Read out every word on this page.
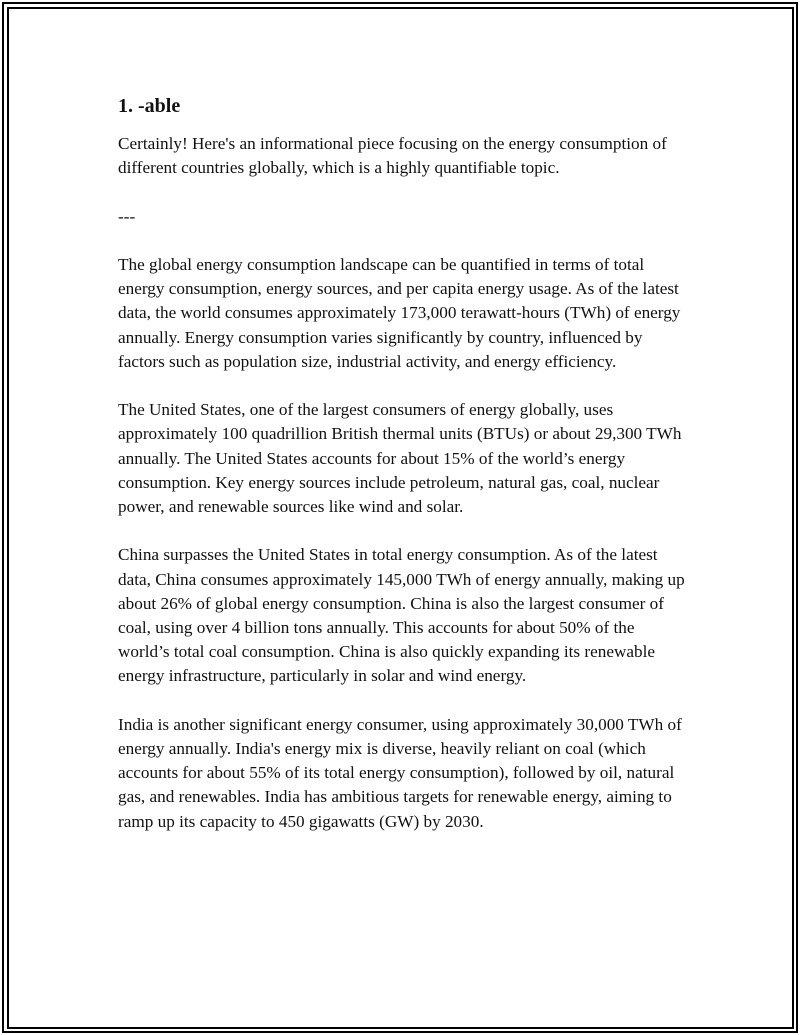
1. -able

Certainly! Here's an informational piece focusing on the energy consumption of different countries globally, which is a highly quantifiable topic.

---

The global energy consumption landscape can be quantified in terms of total energy consumption, energy sources, and per capita energy usage. As of the latest data, the world consumes approximately 173,000 terawatt-hours (TWh) of energy annually. Energy consumption varies significantly by country, influenced by factors such as population size, industrial activity, and energy efficiency.

The United States, one of the largest consumers of energy globally, uses approximately 100 quadrillion British thermal units (BTUs) or about 29,300 TWh annually. The United States accounts for about 15% of the world’s energy consumption. Key energy sources include petroleum, natural gas, coal, nuclear power, and renewable sources like wind and solar.

China surpasses the United States in total energy consumption. As of the latest data, China consumes approximately 145,000 TWh of energy annually, making up about 26% of global energy consumption. China is also the largest consumer of coal, using over 4 billion tons annually. This accounts for about 50% of the world’s total coal consumption. China is also quickly expanding its renewable energy infrastructure, particularly in solar and wind energy.

India is another significant energy consumer, using approximately 30,000 TWh of energy annually. India's energy mix is diverse, heavily reliant on coal (which accounts for about 55% of its total energy consumption), followed by oil, natural gas, and renewables. India has ambitious targets for renewable energy, aiming to ramp up its capacity to 450 gigawatts (GW) by 2030.
